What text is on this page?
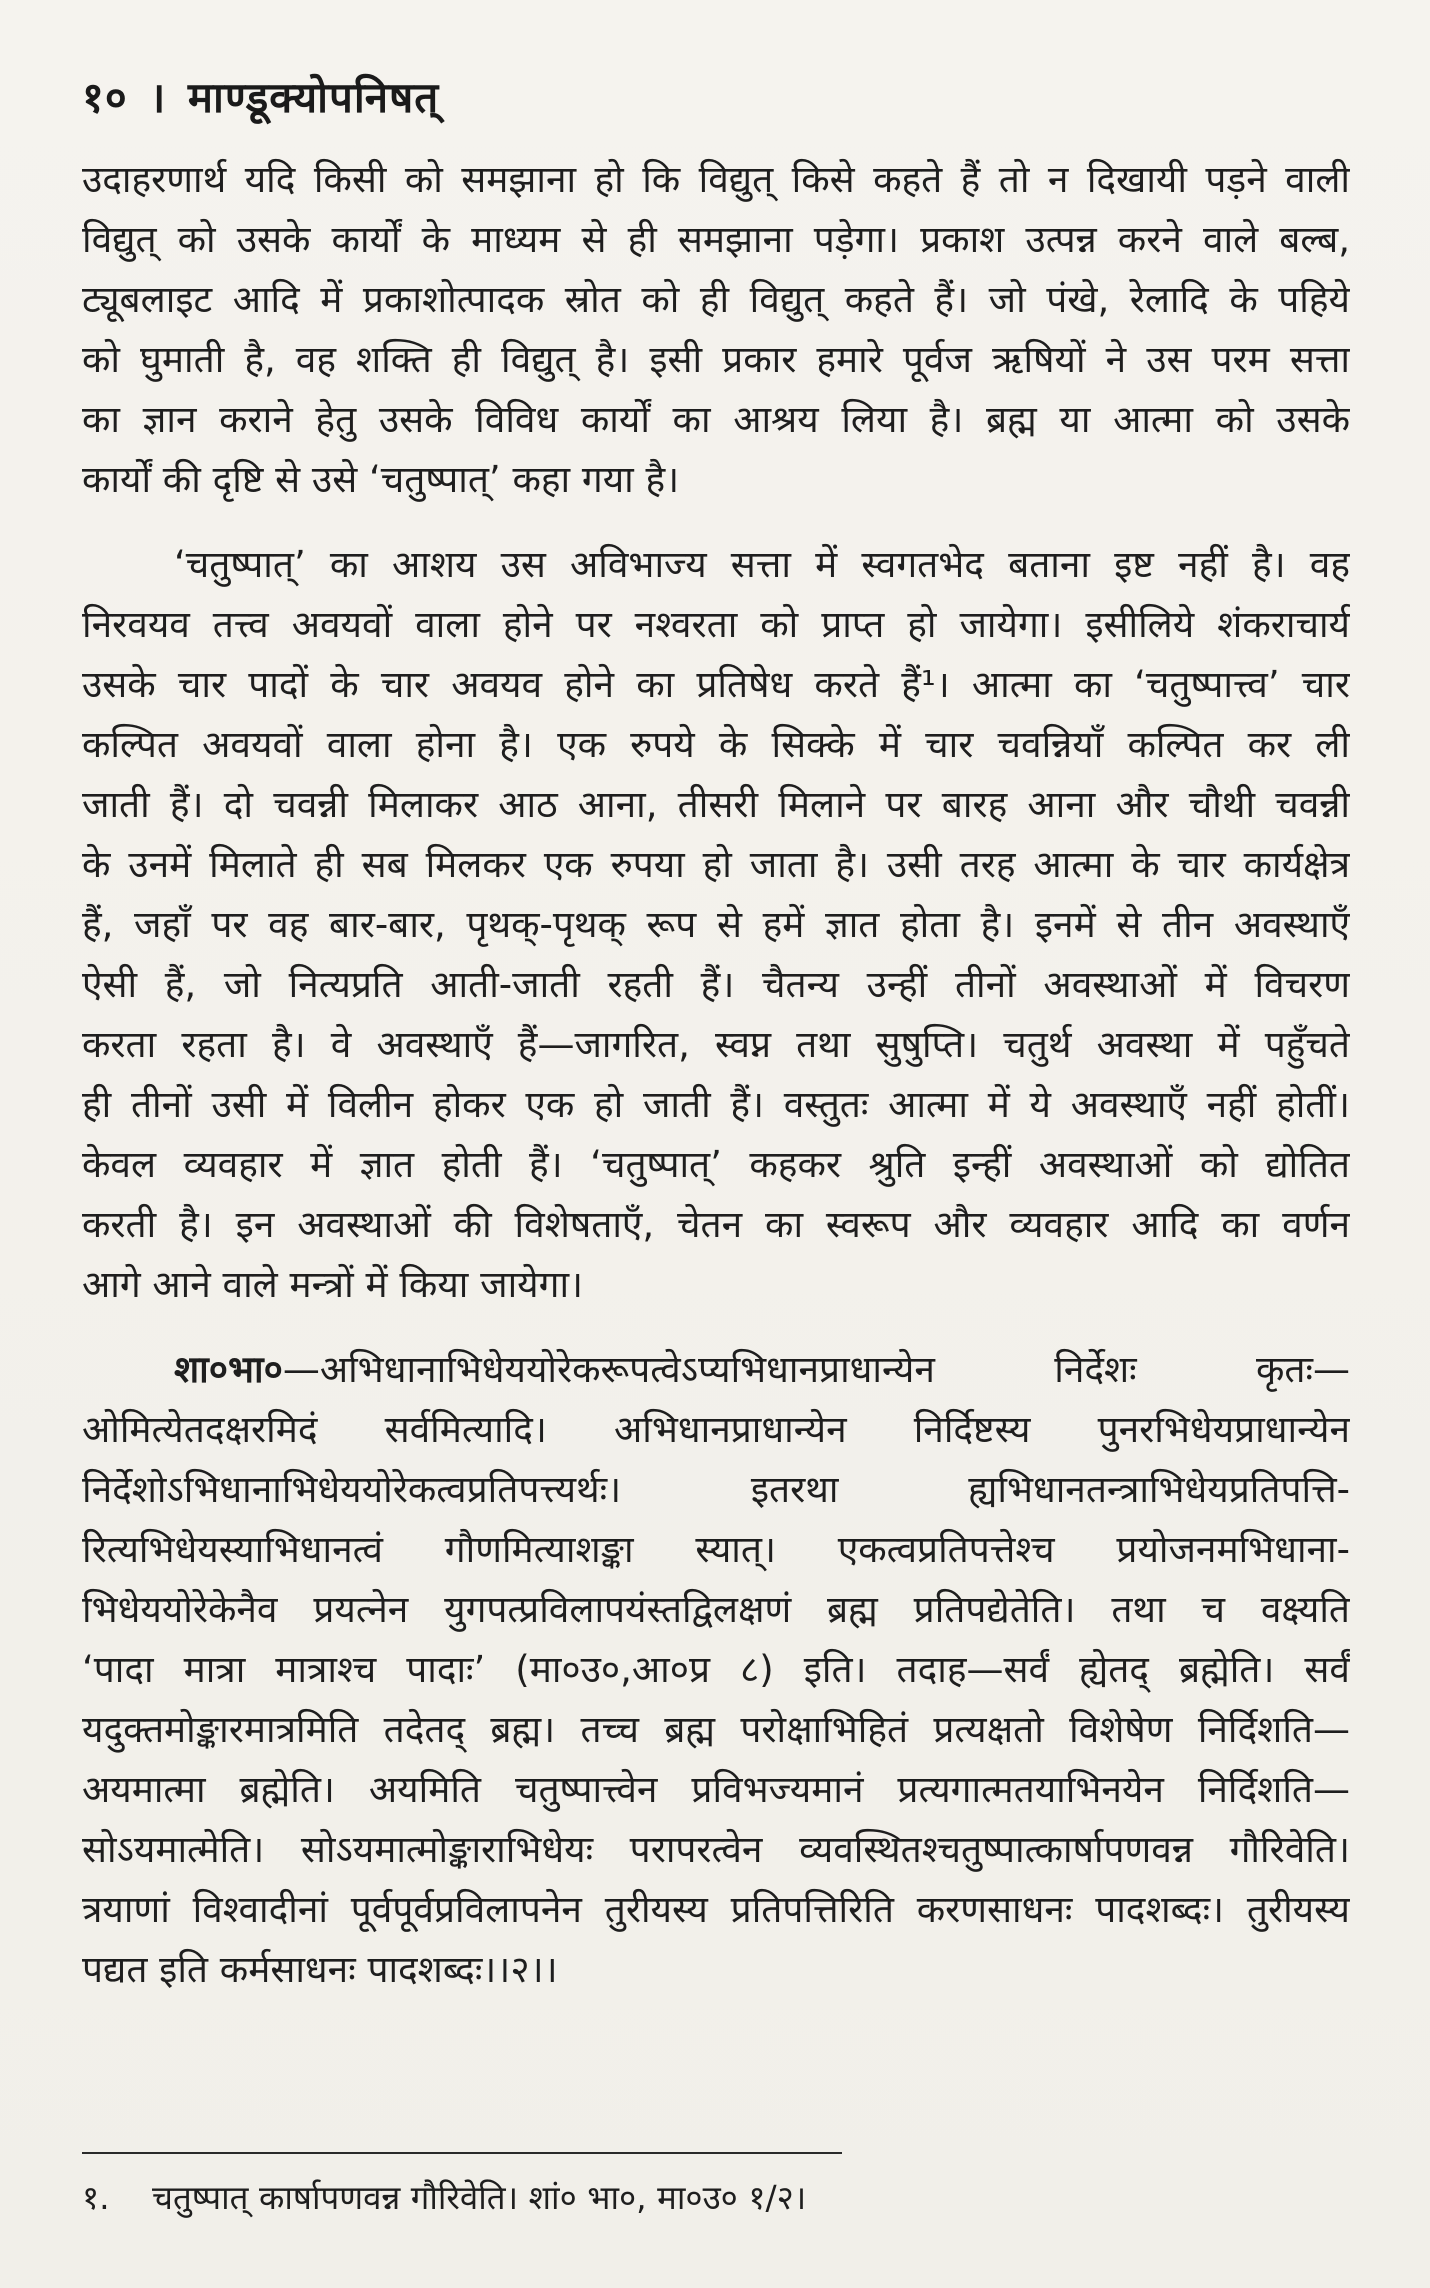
१० । माण्डूक्योपनिषत्
उदाहरणार्थ यदि किसी को समझाना हो कि विद्युत् किसे कहते हैं तो न दिखायी पड़ने वाली
विद्युत् को उसके कार्यों के माध्यम से ही समझाना पड़ेगा। प्रकाश उत्पन्न करने वाले बल्ब,
ट्यूबलाइट आदि में प्रकाशोत्पादक स्रोत को ही विद्युत् कहते हैं। जो पंखे, रेलादि के पहिये
को घुमाती है, वह शक्ति ही विद्युत् है। इसी प्रकार हमारे पूर्वज ऋषियों ने उस परम सत्ता
का ज्ञान कराने हेतु उसके विविध कार्यों का आश्रय लिया है। ब्रह्म या आत्मा को उसके
कार्यों की दृष्टि से उसे ‘चतुष्पात्’ कहा गया है।
‘चतुष्पात्’ का आशय उस अविभाज्य सत्ता में स्वगतभेद बताना इष्ट नहीं है। वह
निरवयव तत्त्व अवयवों वाला होने पर नश्वरता को प्राप्त हो जायेगा। इसीलिये शंकराचार्य
उसके चार पादों के चार अवयव होने का प्रतिषेध करते हैं¹। आत्मा का ‘चतुष्पात्त्व’ चार
कल्पित अवयवों वाला होना है। एक रुपये के सिक्के में चार चवन्नियाँ कल्पित कर ली
जाती हैं। दो चवन्नी मिलाकर आठ आना, तीसरी मिलाने पर बारह आना और चौथी चवन्नी
के उनमें मिलाते ही सब मिलकर एक रुपया हो जाता है। उसी तरह आत्मा के चार कार्यक्षेत्र
हैं, जहाँ पर वह बार-बार, पृथक्-पृथक् रूप से हमें ज्ञात होता है। इनमें से तीन अवस्थाएँ
ऐसी हैं, जो नित्यप्रति आती-जाती रहती हैं। चैतन्य उन्हीं तीनों अवस्थाओं में विचरण
करता रहता है। वे अवस्थाएँ हैं—जागरित, स्वप्न तथा सुषुप्ति। चतुर्थ अवस्था में पहुँचते
ही तीनों उसी में विलीन होकर एक हो जाती हैं। वस्तुतः आत्मा में ये अवस्थाएँ नहीं होतीं।
केवल व्यवहार में ज्ञात होती हैं। ‘चतुष्पात्’ कहकर श्रुति इन्हीं अवस्थाओं को द्योतित
करती है। इन अवस्थाओं की विशेषताएँ, चेतन का स्वरूप और व्यवहार आदि का वर्णन
आगे आने वाले मन्त्रों में किया जायेगा।
शा०भा०—अभिधानाभिधेययोरेकरूपत्वेऽप्यभिधानप्राधान्येन निर्देशः कृतः—
ओमित्येतदक्षरमिदं सर्वमित्यादि। अभिधानप्राधान्येन निर्दिष्टस्य पुनरभिधेयप्राधान्येन
निर्देशोऽभिधानाभिधेययोरेकत्वप्रतिपत्त्यर्थः। इतरथा ह्यभिधानतन्त्राभिधेयप्रतिपत्ति-
रित्यभिधेयस्याभिधानत्वं गौणमित्याशङ्का स्यात्। एकत्वप्रतिपत्तेश्च प्रयोजनमभिधाना-
भिधेययोरेकेनैव प्रयत्नेन युगपत्प्रविलापयंस्तद्विलक्षणं ब्रह्म प्रतिपद्येतेति। तथा च वक्ष्यति
‘पादा मात्रा मात्राश्च पादाः’ (मा०उ०,आ०प्र ८) इति। तदाह—सर्वं ह्येतद् ब्रह्मेति। सर्वं
यदुक्तमोङ्कारमात्रमिति तदेतद् ब्रह्म। तच्च ब्रह्म परोक्षाभिहितं प्रत्यक्षतो विशेषेण निर्दिशति—
अयमात्मा ब्रह्मेति। अयमिति चतुष्पात्त्वेन प्रविभज्यमानं प्रत्यगात्मतयाभिनयेन निर्दिशति—
सोऽयमात्मेति। सोऽयमात्मोङ्काराभिधेयः परापरत्वेन व्यवस्थितश्चतुष्पात्कार्षापणवन्न गौरिवेति।
त्रयाणां विश्वादीनां पूर्वपूर्वप्रविलापनेन तुरीयस्य प्रतिपत्तिरिति करणसाधनः पादशब्दः। तुरीयस्य
पद्यत इति कर्मसाधनः पादशब्दः।।२।।
१. चतुष्पात् कार्षापणवन्न गौरिवेति। शां० भा०, मा०उ० १/२।
